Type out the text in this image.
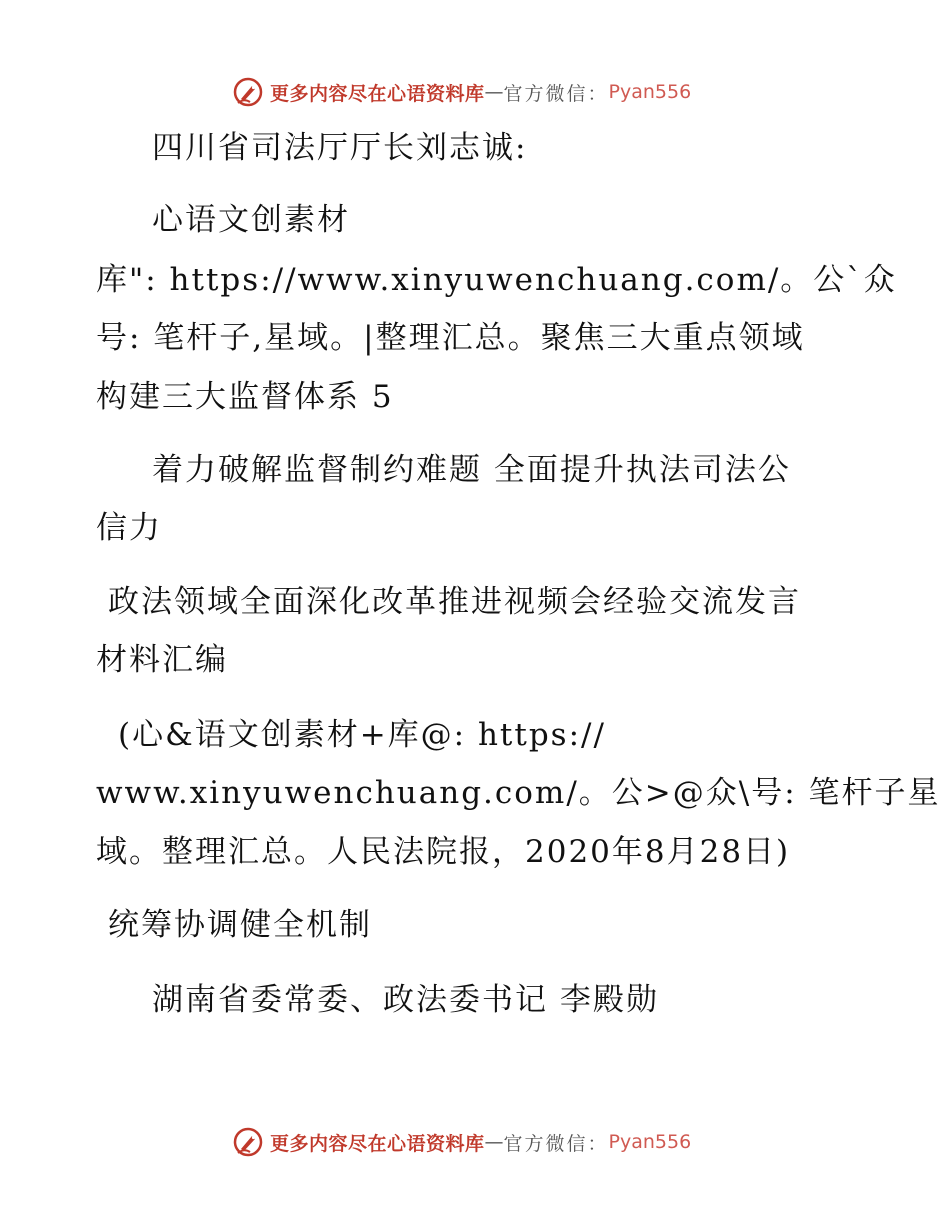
更多内容尽在心语资料库 — 官方微信： Pyan556
四川省司法厅厅长刘志诚:
心语文创素材
库": https://www.xinyuwenchuang.com/。公`众
号: 笔杆子,星域。|整理汇总。聚焦三大重点领域
构建三大监督体系 5
着力破解监督制约难题 全面提升执法司法公
信力
政法领域全面深化改革推进视频会经验交流发言
材料汇编
(心&语文创素材+库@: https://
www.xinyuwenchuang.com/。公>@众\号: 笔杆子星
域。整理汇总。人民法院报，2020年8月28日)
统筹协调健全机制
湖南省委常委、政法委书记 李殿勋
更多内容尽在心语资料库 — 官方微信： Pyan556
